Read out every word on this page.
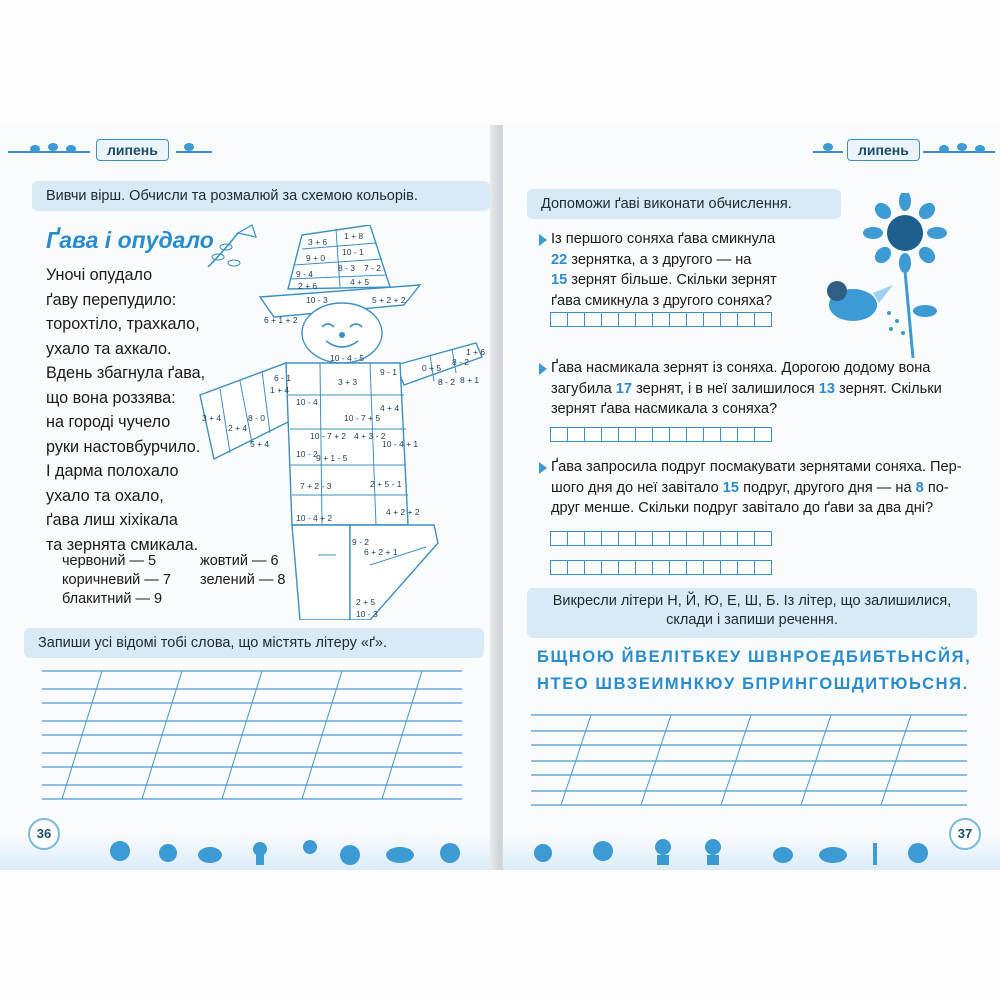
липень
Вивчи вірш. Обчисли та розмалюй за схемою кольорів.
Ґава і опудало
Уночі опудало
ґаву перепудило:
торохтіло, трахкало,
ухало та ахкало.
Вдень збагнула ґава,
що вона роззява:
на городі чучело
руки настовбурчило.
І дарма полохало
ухало та охало,
ґава лиш хіхікала
та зернята смикала.
червоний — 5	жовтий — 6
коричневий — 7 зелений — 8
блакитний — 9
3 + 6
1 + 8
10 - 1
9 + 0
8 - 3 7 - 2
9 - 4
4 + 5
10 - 3
2 + 6
5 + 2 + 2
6 + 1 + 2
10 - 4
3 + 3
1 + 4
6 - 1
9 - 1	0 + 5
8 - 2
3 + 4
2 + 4
8 - 0
5 + 4
10 - 7 + 2 4 + 3 - 2
1 + 6
10 - 2
9 + 1 - 5
4 + 4
10 - 7 + 5
10 - 4 + 1
7 + 2 - 3	2 + 5 - 1
4 + 2 + 2
10 - 4 + 2
9 - 2
6 + 2 + 1
2 + 5
10 - 3
10 - 4 - 5
8 - 2 8 + 1
Запиши усі відомі тобі слова, що містять літеру «ґ».
36
липень
Допоможи ґаві виконати обчислення.
Із першого соняха ґава смикнула
22 зернятка, а з другого — на
15 зернят більше. Скільки зернят
ґава смикнула з другого соняха?
Ґава насмикала зернят із соняха. Дорогою додому вона
загубила 17 зернят, і в неї залишилося 13 зернят. Скільки
зернят ґава насмикала з соняха?
Ґава запросила подруг посмакувати зернятами соняха. Пер-
шого дня до неї завітало 15 подруг, другого дня — на 8 по-
друг менше. Скільки подруг завітало до ґави за два дні?
Викресли літери Н, Й, Ю, Е, Ш, Б. Із літер, що залишилися,
склади і запиши речення.
БЩНОЮ ЙВЕЛІТБКЕУ ШВНРОЕДБИБТЬНСЙЯ,
НТЕО ШВЗЕИМНКЮУ БПРИНГОШДИТЮЬСНЯ.
37
